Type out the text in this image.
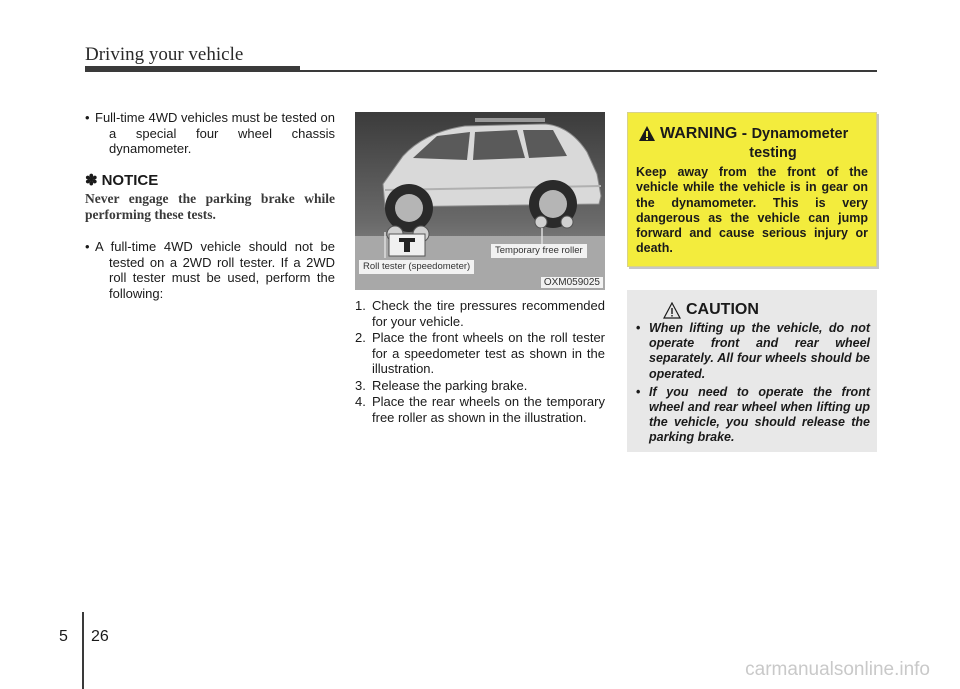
Driving your vehicle
• Full-time 4WD vehicles must be tested on a special four wheel chassis dynamometer.
✽ NOTICE
Never engage the parking brake while performing these tests.
• A full-time 4WD vehicle should not be tested on a 2WD roll tester. If a 2WD roll tester must be used, perform the following:
Roll tester (speedometer)
Temporary free roller
OXM059025
1. Check the tire pressures recommended for your vehicle.
2. Place the front wheels on the roll tester for a speedometer test as shown in the illustration.
3. Release the parking brake.
4. Place the rear wheels on the temporary free roller as shown in the illustration.
WARNING - Dynamometer
testing
Keep away from the front of the vehicle while the vehicle is in gear on the dynamometer. This is very dangerous as the vehicle can jump forward and cause serious injury or death.
CAUTION
• When lifting up the vehicle, do not operate front and rear wheel separately. All four wheels should be operated.
• If you need to operate the front wheel and rear wheel when lifting up the vehicle, you should release the parking brake.
5 26
carmanualsonline.info
